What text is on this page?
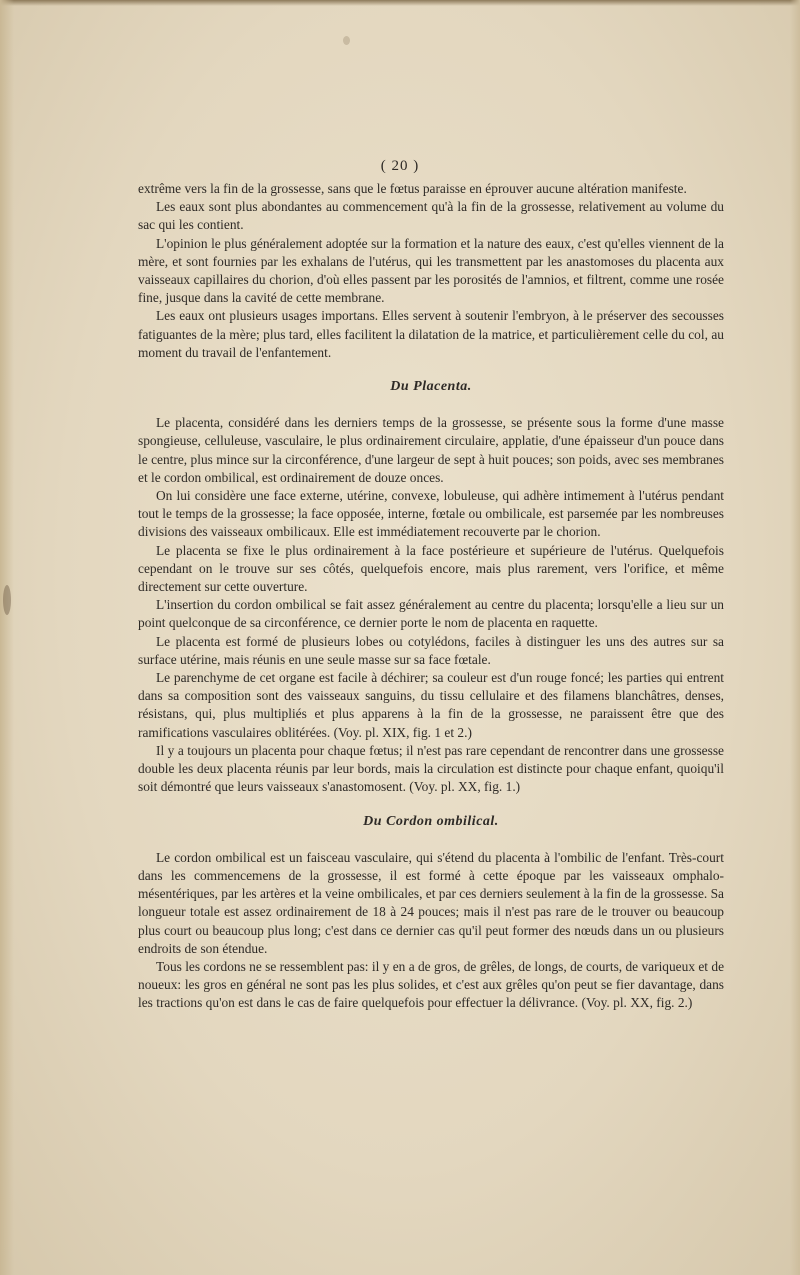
( 20 )

extrême vers la fin de la grossesse, sans que le fœtus paraisse en éprouver aucune altération manifeste.

Les eaux sont plus abondantes au commencement qu'à la fin de la grossesse, relativement au volume du sac qui les contient.

L'opinion le plus généralement adoptée sur la formation et la nature des eaux, c'est qu'elles viennent de la mère, et sont fournies par les exhalans de l'utérus, qui les transmettent par les anastomoses du placenta aux vaisseaux capillaires du chorion, d'où elles passent par les porosités de l'amnios, et filtrent, comme une rosée fine, jusque dans la cavité de cette membrane.

Les eaux ont plusieurs usages importans. Elles servent à soutenir l'embryon, à le préserver des secousses fatiguantes de la mère; plus tard, elles facilitent la dilatation de la matrice, et particulièrement celle du col, au moment du travail de l'enfantement.

Du Placenta.

Le placenta, considéré dans les derniers temps de la grossesse, se présente sous la forme d'une masse spongieuse, celluleuse, vasculaire, le plus ordinairement circulaire, applatie, d'une épaisseur d'un pouce dans le centre, plus mince sur la circonférence, d'une largeur de sept à huit pouces; son poids, avec ses membranes et le cordon ombilical, est ordinairement de douze onces.

On lui considère une face externe, utérine, convexe, lobuleuse, qui adhère intimement à l'utérus pendant tout le temps de la grossesse; la face opposée, interne, fœtale ou ombilicale, est parsemée par les nombreuses divisions des vaisseaux ombilicaux. Elle est immédiatement recouverte par le chorion.

Le placenta se fixe le plus ordinairement à la face postérieure et supérieure de l'utérus. Quelquefois cependant on le trouve sur ses côtés, quelquefois encore, mais plus rarement, vers l'orifice, et même directement sur cette ouverture.

L'insertion du cordon ombilical se fait assez généralement au centre du placenta; lorsqu'elle a lieu sur un point quelconque de sa circonférence, ce dernier porte le nom de placenta en raquette.

Le placenta est formé de plusieurs lobes ou cotylédons, faciles à distinguer les uns des autres sur sa surface utérine, mais réunis en une seule masse sur sa face fœtale.

Le parenchyme de cet organe est facile à déchirer; sa couleur est d'un rouge foncé; les parties qui entrent dans sa composition sont des vaisseaux sanguins, du tissu cellulaire et des filamens blanchâtres, denses, résistans, qui, plus multipliés et plus apparens à la fin de la grossesse, ne paraissent être que des ramifications vasculaires oblitérées. (Voy. pl. XIX, fig. 1 et 2.)

Il y a toujours un placenta pour chaque fœtus; il n'est pas rare cependant de rencontrer dans une grossesse double les deux placenta réunis par leur bords, mais la circulation est distincte pour chaque enfant, quoiqu'il soit démontré que leurs vaisseaux s'anastomosent. (Voy. pl. XX, fig. 1.)

Du Cordon ombilical.

Le cordon ombilical est un faisceau vasculaire, qui s'étend du placenta à l'ombilic de l'enfant. Très-court dans les commencemens de la grossesse, il est formé à cette époque par les vaisseaux omphalo-mésentériques, par les artères et la veine ombilicales, et par ces derniers seulement à la fin de la grossesse. Sa longueur totale est assez ordinairement de 18 à 24 pouces; mais il n'est pas rare de le trouver ou beaucoup plus court ou beaucoup plus long; c'est dans ce dernier cas qu'il peut former des nœuds dans un ou plusieurs endroits de son étendue.

Tous les cordons ne se ressemblent pas: il y en a de gros, de grêles, de longs, de courts, de variqueux et de noueux: les gros en général ne sont pas les plus solides, et c'est aux grêles qu'on peut se fier davantage, dans les tractions qu'on est dans le cas de faire quelquefois pour effectuer la délivrance. (Voy. pl. XX, fig. 2.)
